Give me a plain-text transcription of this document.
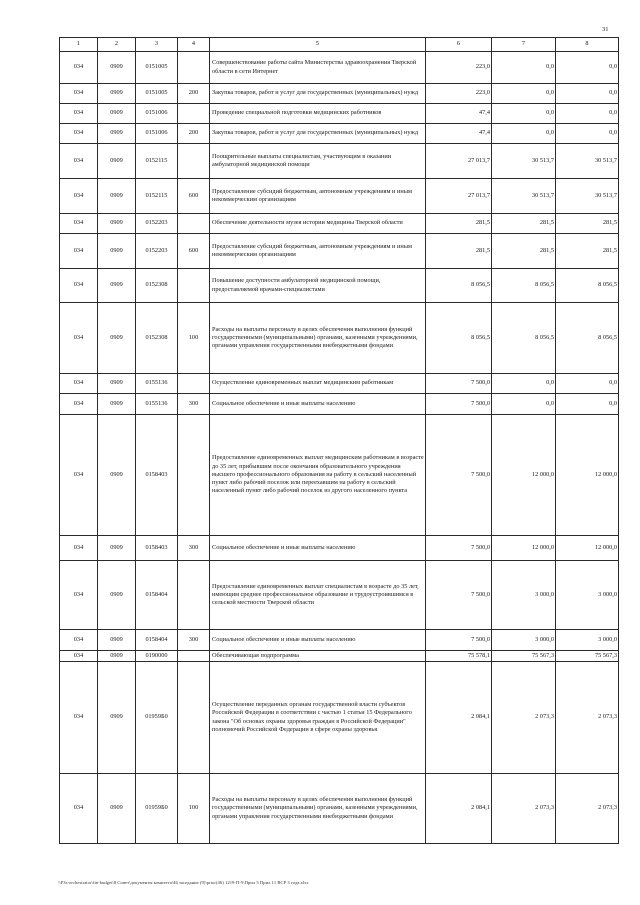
31
1	2	3	4	5	6	7	8
034	0909	0151005		Совершенствование работы сайта Министерства здравоохранения Тверской области в сети Интернет	223,0	0,0	0,0
034	0909	0151005	200	Закупка товаров, работ и услуг для государственных (муниципальных) нужд	223,0	0,0	0,0
034	0909	0151006		Проведение специальной подготовки медицинских работников	47,4	0,0	0,0
034	0909	0151006	200	Закупка товаров, работ и услуг для государственных (муниципальных) нужд	47,4	0,0	0,0
034	0909	0152115		Поощрительные выплаты специалистам, участвующим в оказании амбулаторной медицинской помощи	27 013,7	30 513,7	30 513,7
034	0909	0152115	600	Предоставление субсидий бюджетным, автономным учреждениям и иным некоммерческим организациям	27 013,7	30 513,7	30 513,7
034	0909	0152203		Обеспечение деятельности музея истории медицины Тверской области	281,5	281,5	281,5
034	0909	0152203	600	Предоставление субсидий бюджетным, автономным учреждениям и иным некоммерческим организациям	281,5	281,5	281,5
034	0909	0152308		Повышение доступности амбулаторной медицинской помощи, предоставляемой врачами-специалистами	8 056,5	8 056,5	8 056,5
034	0909	0152308	100	Расходы на выплаты персоналу в целях обеспечения выполнения функций государственными (муниципальными) органами, казенными учреждениями, органами управления государственными внебюджетными фондами	8 056,5	8 056,5	8 056,5
034	0909	0155136		Осуществление единовременных выплат медицинским работникам	7 500,0	0,0	0,0
034	0909	0155136	300	Социальное обеспечение и иные выплаты населению	7 500,0	0,0	0,0
034	0909	0158403		Предоставление единовременных выплат медицинским работникам в возрасте до 35 лет, прибывшим после окончания образовательного учреждения высшего профессионального образования на работу в сельский населенный пункт либо рабочий поселок или переехавшим на работу в сельский населенный пункт либо рабочий поселок из другого населенного пункта	7 500,0	12 000,0	12 000,0
034	0909	0158403	300	Социальное обеспечение и иные выплаты населению	7 500,0	12 000,0	12 000,0
034	0909	0158404		Предоставление единовременных выплат специалистам в возрасте до 35 лет, имеющим среднее профессиональное образование и трудоустроившимся в сельской местности Тверской области	7 500,0	3 000,0	3 000,0
034	0909	0158404	300	Социальное обеспечение и иные выплаты населению	7 500,0	3 000,0	3 000,0
034	0909	0190000		Обеспечивающая подпрограмма	75 578,1	75 567,3	75 567,3
034	0909	01959Б0		Осуществление переданных органам государственной власти субъектов Российской Федерации в соответствии с частью 1 статьи 15 Федерального закона "Об основах охраны здоровья граждан в Российской Федерации" полномочий Российской Федерации в сфере охраны здоровья	2 084,1	2 073,3	2 073,3
034	0909	01959Б0	100	Расходы на выплаты персоналу в целях обеспечения выполнения функций государственными (муниципальными) органами, казенными учреждениями, органами управления государственными внебюджетными фондами	2 084,1	2 073,3	2 073,3
\\F3s-orchestrator\fin-budget\8 Совет\документы комитета\46 заседание (9)\prior(46) 1219-П-5\Прил 5 Прил 11 ВСР 3 года.xlsx
